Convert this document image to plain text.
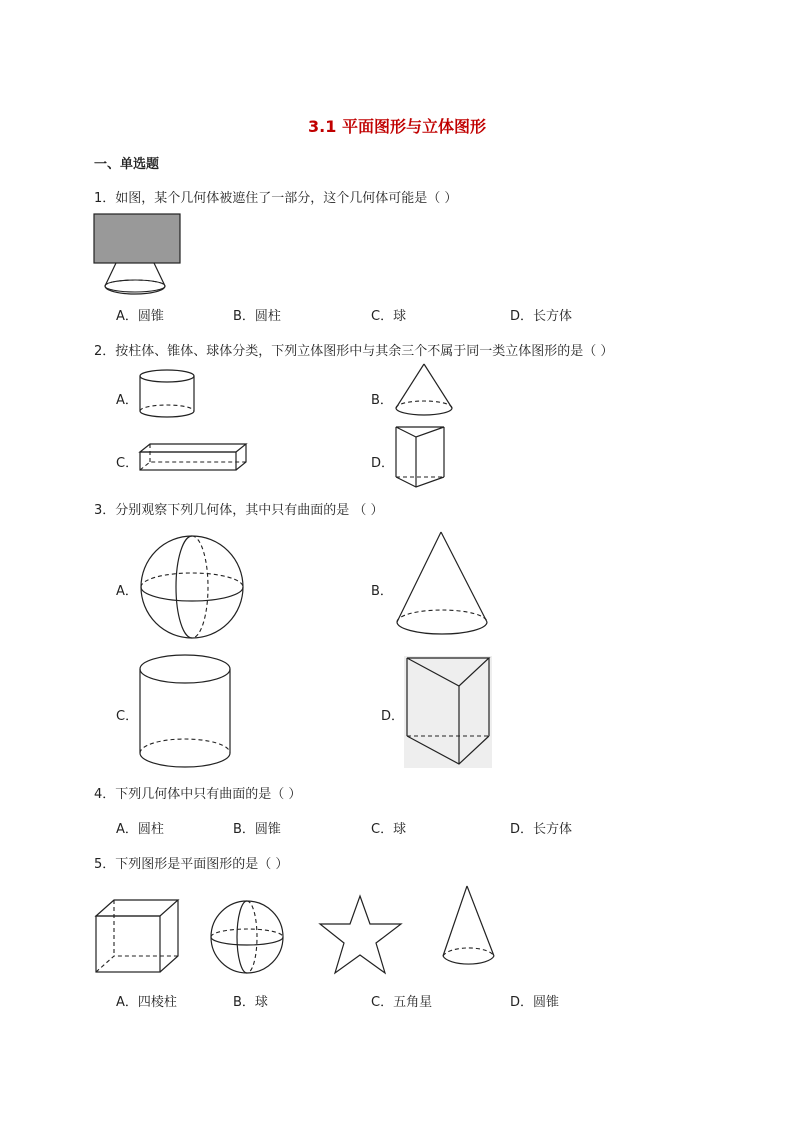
3.1 平面图形与立体图形
一、单选题
1．如图，某个几何体被遮住了一部分，这个几何体可能是（ ）
A．圆锥	B．圆柱	C．球	D．长方体
2．按柱体、锥体、球体分类，下列立体图形中与其余三个不属于同一类立体图形的是（ ）
A．	B．
C．	D．
3．分别观察下列几何体，其中只有曲面的是 （ ）
A．	B．
C．	D．
4．下列几何体中只有曲面的是（ ）
A．圆柱	B．圆锥	C．球	D．长方体
5．下列图形是平面图形的是（ ）
A．四棱柱	B．球	C．五角星	D．圆锥
